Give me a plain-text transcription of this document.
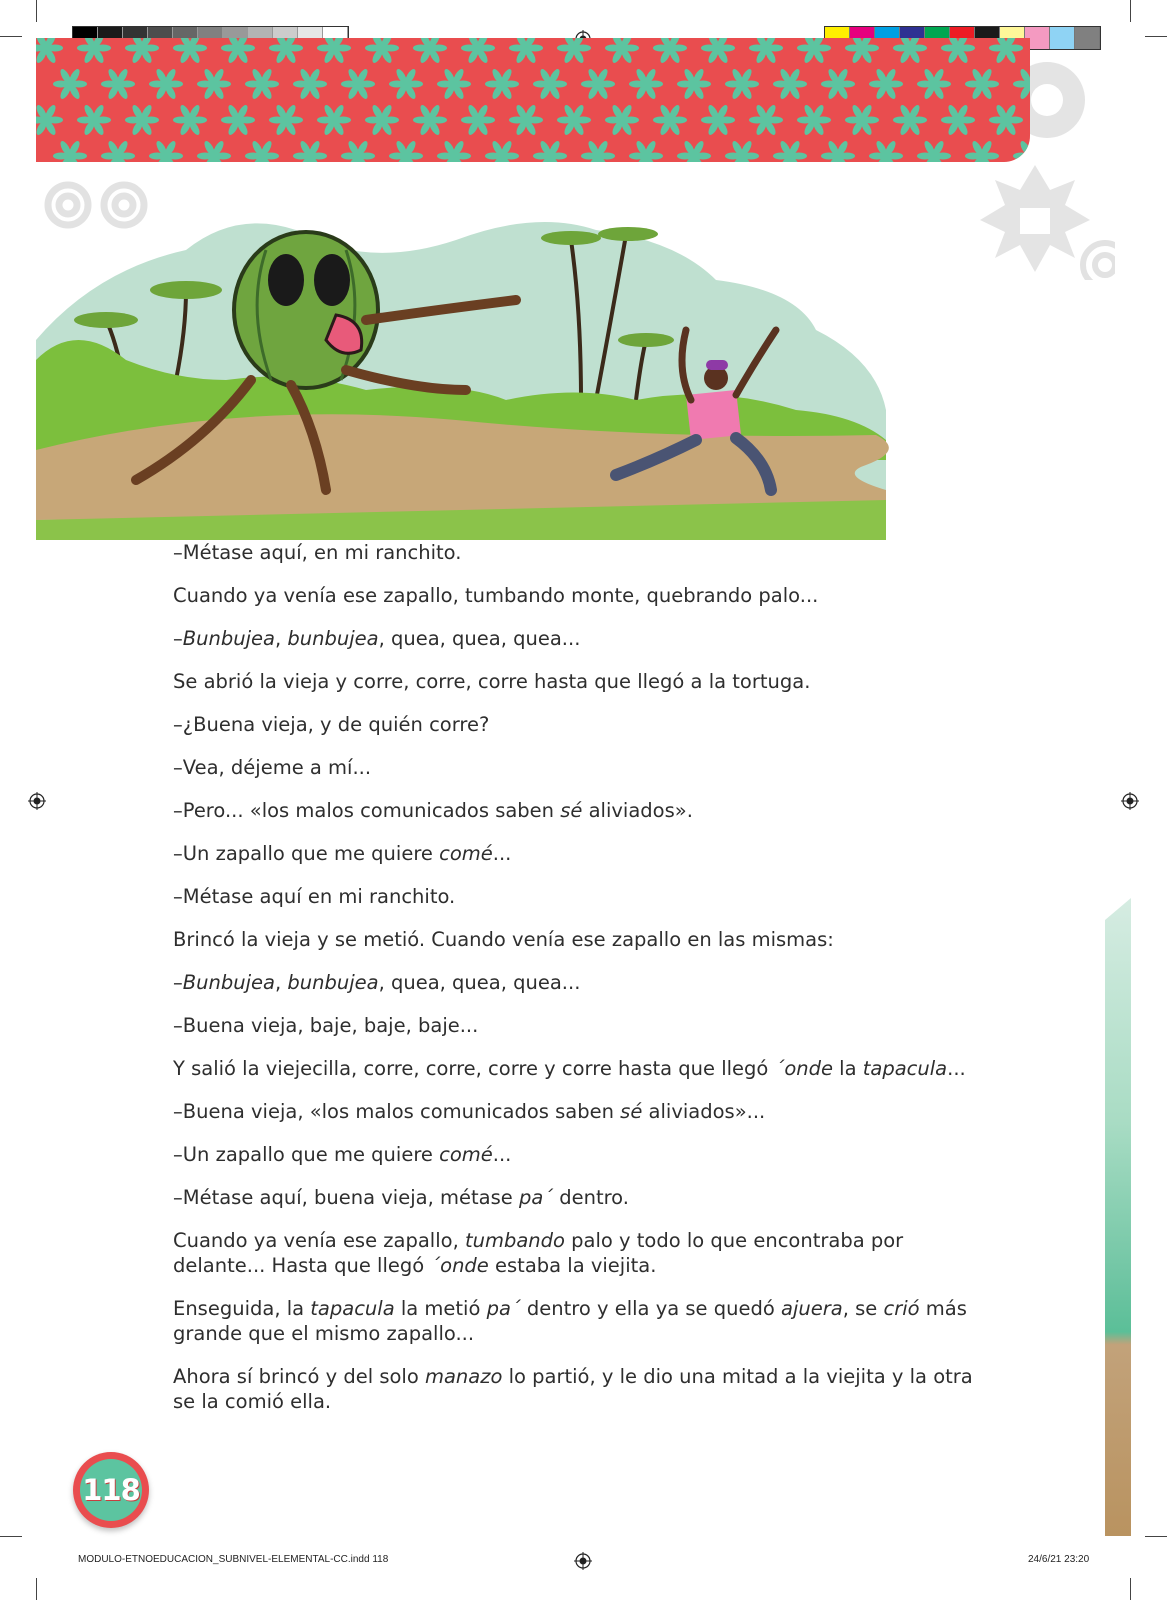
–Métase aquí, en mi ranchito.

Cuando ya venía ese zapallo, tumbando monte, quebrando palo...

–Bunbujea, bunbujea, quea, quea, quea...

Se abrió la vieja y corre, corre, corre hasta que llegó a la tortuga.

–¿Buena vieja, y de quién corre?

–Vea, déjeme a mí...

–Pero... «los malos comunicados saben sé aliviados».

–Un zapallo que me quiere comé...

–Métase aquí en mi ranchito.

Brincó la vieja y se metió. Cuando venía ese zapallo en las mismas:

–Bunbujea, bunbujea, quea, quea, quea...

–Buena vieja, baje, baje, baje...

Y salió la viejecilla, corre, corre, corre y corre hasta que llegó ´onde la tapacula...

–Buena vieja, «los malos comunicados saben sé aliviados»...

–Un zapallo que me quiere comé...

–Métase aquí, buena vieja, métase pa´ dentro.

Cuando ya venía ese zapallo, tumbando palo y todo lo que encontraba por delante... Hasta que llegó ´onde estaba la viejita.

Enseguida, la tapacula la metió pa´ dentro y ella ya se quedó ajuera, se crió más grande que el mismo zapallo...

Ahora sí brincó y del solo manazo lo partió, y le dio una mitad a la viejita y la otra se la comió ella.

118
MODULO-ETNOEDUCACION_SUBNIVEL-ELEMENTAL-CC.indd 118	24/6/21 23:20
